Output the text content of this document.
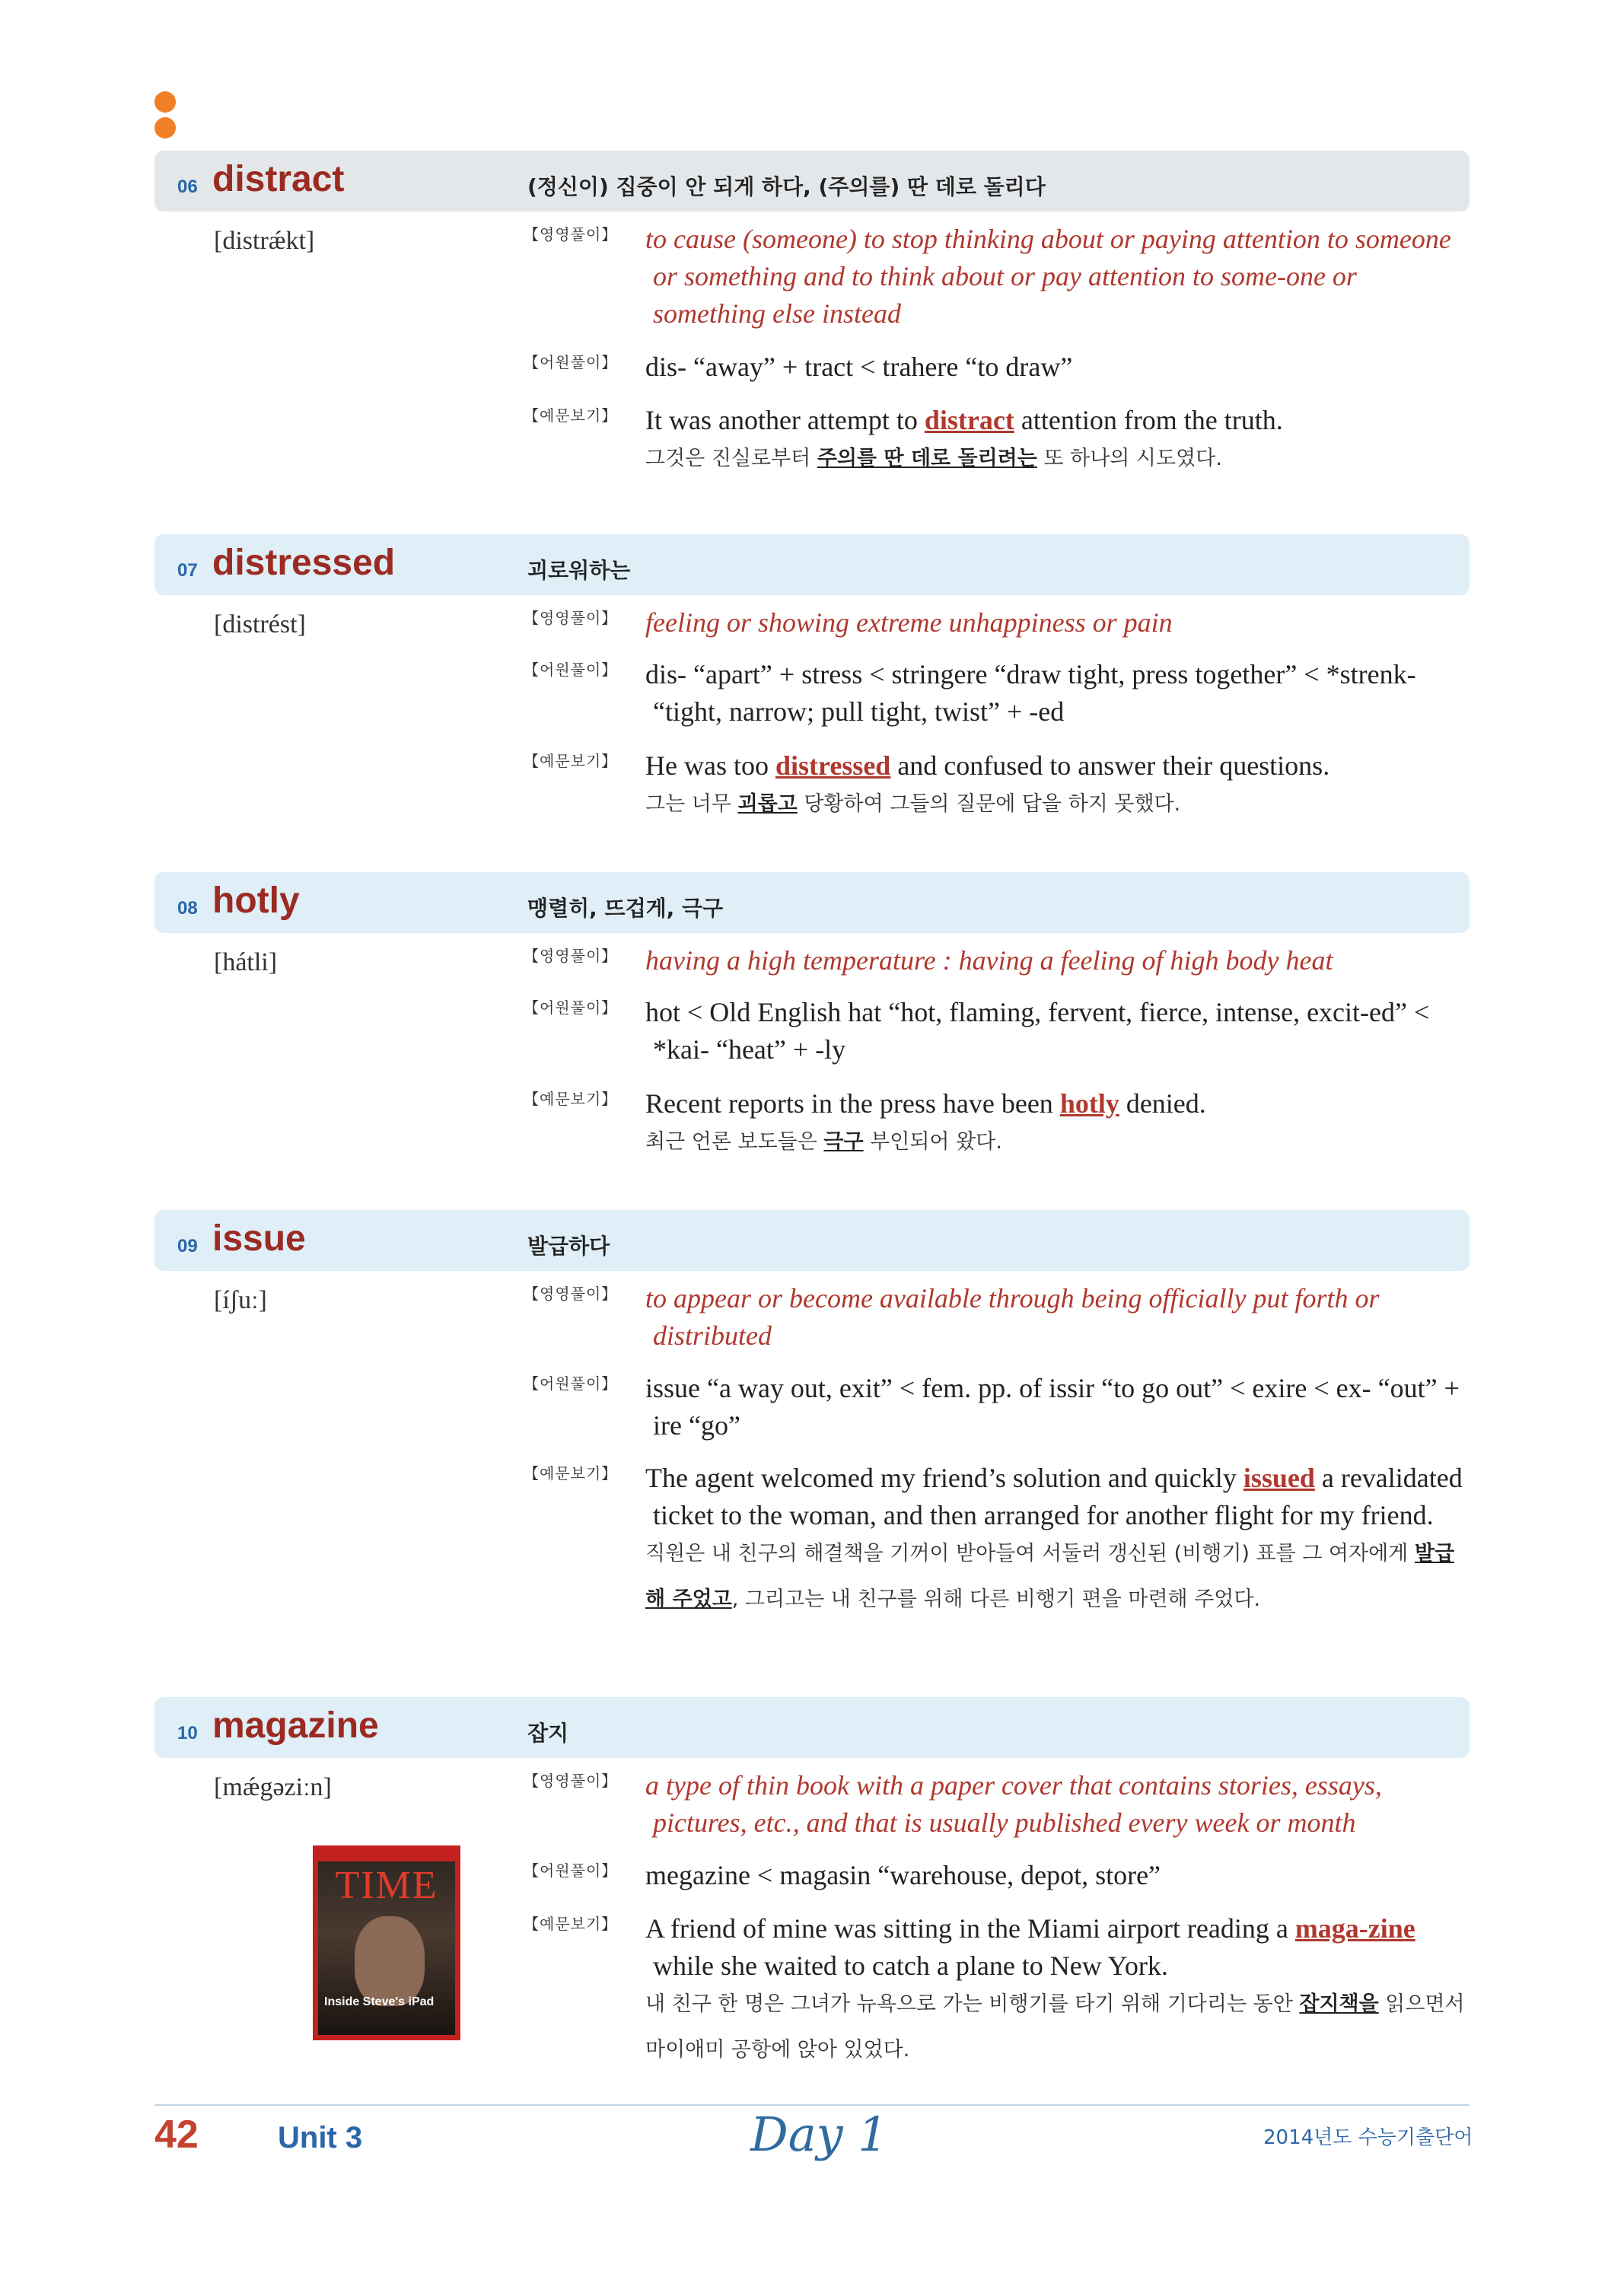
06 distract	(정신이) 집중이 안 되게 하다, (주의를) 딴 데로 돌리다
[distrǽkt]	【영영풀이】 to cause (someone) to stop thinking about or paying attention to someone or something and to think about or pay attention to some-one or something else instead
【어원풀이】 dis- “away” + tract < trahere “to draw”
【예문보기】 It was another attempt to distract attention from the truth.
그것은 진실로부터 주의를 딴 데로 돌리려는 또 하나의 시도였다.
07 distressed	괴로워하는
[distrést]	【영영풀이】 feeling or showing extreme unhappiness or pain
【어원풀이】 dis- “apart” + stress < stringere “draw tight, press together” < *strenk- “tight, narrow; pull tight, twist” + -ed
【예문보기】 He was too distressed and confused to answer their questions.
그는 너무 괴롭고 당황하여 그들의 질문에 답을 하지 못했다.
08 hotly	맹렬히, 뜨겁게, 극구
[hátli]	【영영풀이】 having a high temperature : having a feeling of high body heat
【어원풀이】 hot < Old English hat “hot, flaming, fervent, fierce, intense, excit-ed” < *kai- “heat” + -ly
【예문보기】 Recent reports in the press have been hotly denied.
최근 언론 보도들은 극구 부인되어 왔다.
09 issue	발급하다
[íʃuː]	【영영풀이】 to appear or become available through being officially put forth or distributed
【어원풀이】 issue “a way out, exit” < fem. pp. of issir “to go out” < exire < ex- “out” + ire “go”
【예문보기】 The agent welcomed my friend’s solution and quickly issued a revalidated ticket to the woman, and then arranged for another flight for my friend.
직원은 내 친구의 해결책을 기꺼이 받아들여 서둘러 갱신된 (비행기) 표를 그 여자에게 발급해 주었고, 그리고는 내 친구를 위해 다른 비행기 편을 마련해 주었다.
10 magazine	잡지
[mǽgəziːn]	【영영풀이】 a type of thin book with a paper cover that contains stories, essays, pictures, etc., and that is usually published every week or month
【어원풀이】 megazine < magasin “warehouse, depot, store”
【예문보기】 A friend of mine was sitting in the Miami airport reading a maga-zine while she waited to catch a plane to New York.
내 친구 한 명은 그녀가 뉴욕으로 가는 비행기를 타기 위해 기다리는 동안 잡지책을 읽으면서 마이애미 공항에 앉아 있었다.
TIME
Inside Steve's iPad
42	Unit 3	Day 1	2014년도 수능기출단어
